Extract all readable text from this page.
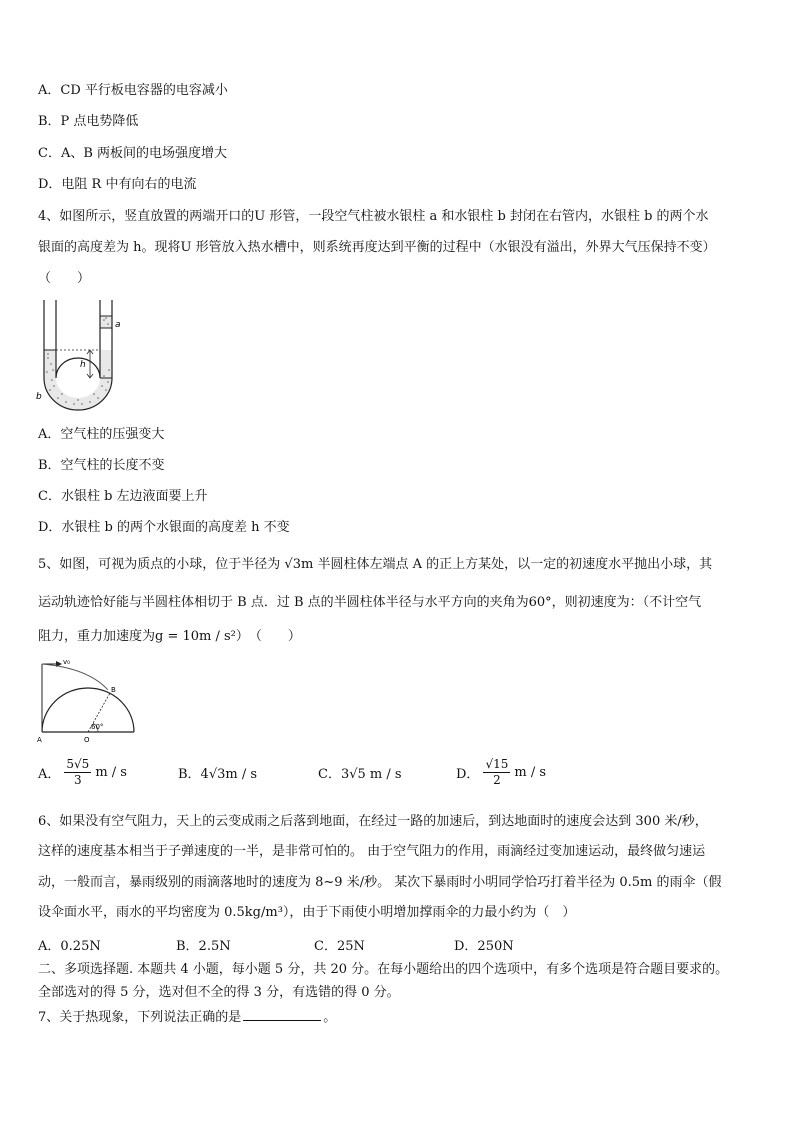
A．CD 平行板电容器的电容减小
B．P 点电势降低
C．A、B 两板间的电场强度增大
D．电阻 R 中有向右的电流
4、如图所示，竖直放置的两端开口的U 形管，一段空气柱被水银柱 a 和水银柱 b 封闭在右管内，水银柱 b 的两个水
银面的高度差为 h。现将U 形管放入热水槽中，则系统再度达到平衡的过程中（水银没有溢出，外界大气压保持不变）
（　　）
h
a
b
A．空气柱的压强变大
B．空气柱的长度不变
C．水银柱 b 左边液面要上升
D．水银柱 b 的两个水银面的高度差 h 不变
5、如图，可视为质点的小球，位于半径为 √3m 半圆柱体左端点 A 的正上方某处，以一定的初速度水平抛出小球，其
运动轨迹恰好能与半圆柱体相切于 B 点．过 B 点的半圆柱体半径与水平方向的夹角为60°，则初速度为：（不计空气
阻力，重力加速度为g = 10m / s²）　（　　）
v₀
60°
B
A	O
A． $\frac{5√5}{3}$ m / s	B．4√3m / s	C．3√5 m / s	D． $\frac{√15}{2}$ m / s
6、如果没有空气阻力，天上的云变成雨之后落到地面，在经过一路的加速后，到达地面时的速度会达到 300 米/秒，
这样的速度基本相当于子弹速度的一半，是非常可怕的。 由于空气阻力的作用，雨滴经过变加速运动，最终做匀速运
动，一般而言，暴雨级别的雨滴落地时的速度为 8~9 米/秒。 某次下暴雨时小明同学恰巧打着半径为 0.5m 的雨伞（假
设伞面水平，雨水的平均密度为 0.5kg/m³），由于下雨使小明增加撑雨伞的力最小约为（　）
A．0.25N	B．2.5N	C．25N	D．250N
二、多项选择题. 本题共 4 小题，每小题 5 分，共 20 分。在每小题给出的四个选项中，有多个选项是符合题目要求的。
全部选对的得 5 分，选对但不全的得 3 分，有选错的得 0 分。
7、关于热现象，下列说法正确的是	。
